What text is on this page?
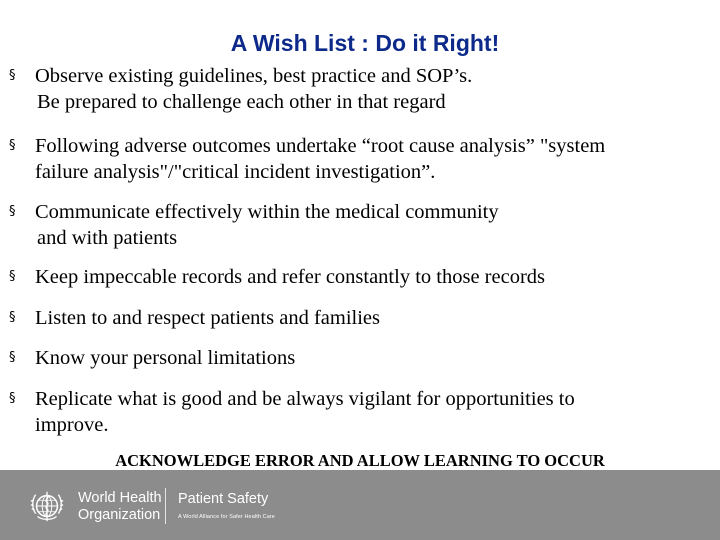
A Wish List : Do it Right!
§ Observe existing guidelines, best practice and SOP’s.
Be prepared to challenge each other in that regard
§ Following adverse outcomes undertake “root cause analysis” "system
failure analysis"/"critical incident investigation”.
§ Communicate effectively within the medical community
and with patients
§ Keep impeccable records and refer constantly to those records
§ Listen to and respect patients and families
§ Know your personal limitations
§ Replicate what is good and be always vigilant for opportunities to
improve.
ACKNOWLEDGE ERROR AND ALLOW LEARNING TO OCCUR
World Health
Organization
Patient Safety
A World Alliance for Safer Health Care
